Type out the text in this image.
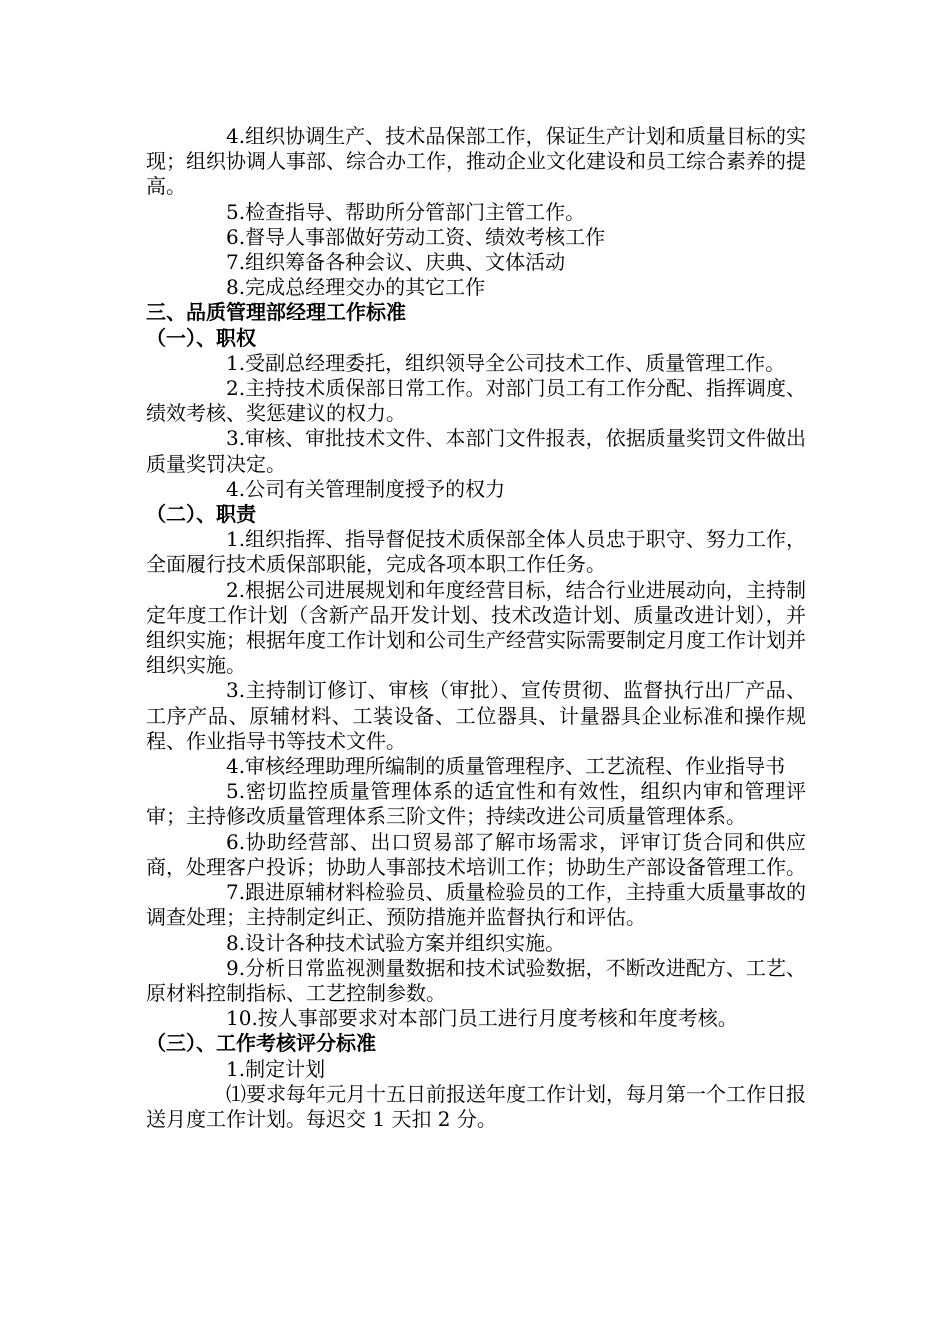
4.组织协调生产、技术品保部工作，保证生产计划和质量目标的实现；组织协调人事部、综合办工作，推动企业文化建设和员工综合素养的提高。

5.检查指导、帮助所分管部门主管工作。

6.督导人事部做好劳动工资、绩效考核工作

7.组织筹备各种会议、庆典、文体活动

8.完成总经理交办的其它工作

三、品质管理部经理工作标准

（一）、职权

1.受副总经理委托，组织领导全公司技术工作、质量管理工作。

2.主持技术质保部日常工作。对部门员工有工作分配、指挥调度、绩效考核、奖惩建议的权力。

3.审核、审批技术文件、本部门文件报表，依据质量奖罚文件做出质量奖罚决定。

4.公司有关管理制度授予的权力

（二）、职责

1.组织指挥、指导督促技术质保部全体人员忠于职守、努力工作，全面履行技术质保部职能，完成各项本职工作任务。

2.根据公司进展规划和年度经营目标，结合行业进展动向，主持制定年度工作计划（含新产品开发计划、技术改造计划、质量改进计划），并组织实施；根据年度工作计划和公司生产经营实际需要制定月度工作计划并组织实施。

3.主持制订修订、审核（审批）、宣传贯彻、监督执行出厂产品、工序产品、原辅材料、工装设备、工位器具、计量器具企业标准和操作规程、作业指导书等技术文件。

4.审核经理助理所编制的质量管理程序、工艺流程、作业指导书

5.密切监控质量管理体系的适宜性和有效性，组织内审和管理评审；主持修改质量管理体系三阶文件；持续改进公司质量管理体系。

6.协助经营部、出口贸易部了解市场需求，评审订货合同和供应商，处理客户投诉；协助人事部技术培训工作；协助生产部设备管理工作。

7.跟进原辅材料检验员、质量检验员的工作，主持重大质量事故的调查处理；主持制定纠正、预防措施并监督执行和评估。

8.设计各种技术试验方案并组织实施。

9.分析日常监视测量数据和技术试验数据，不断改进配方、工艺、原材料控制指标、工艺控制参数。

10.按人事部要求对本部门员工进行月度考核和年度考核。

（三）、工作考核评分标准

1.制定计划

⑴要求每年元月十五日前报送年度工作计划，每月第一个工作日报送月度工作计划。每迟交 1 天扣 2 分。
